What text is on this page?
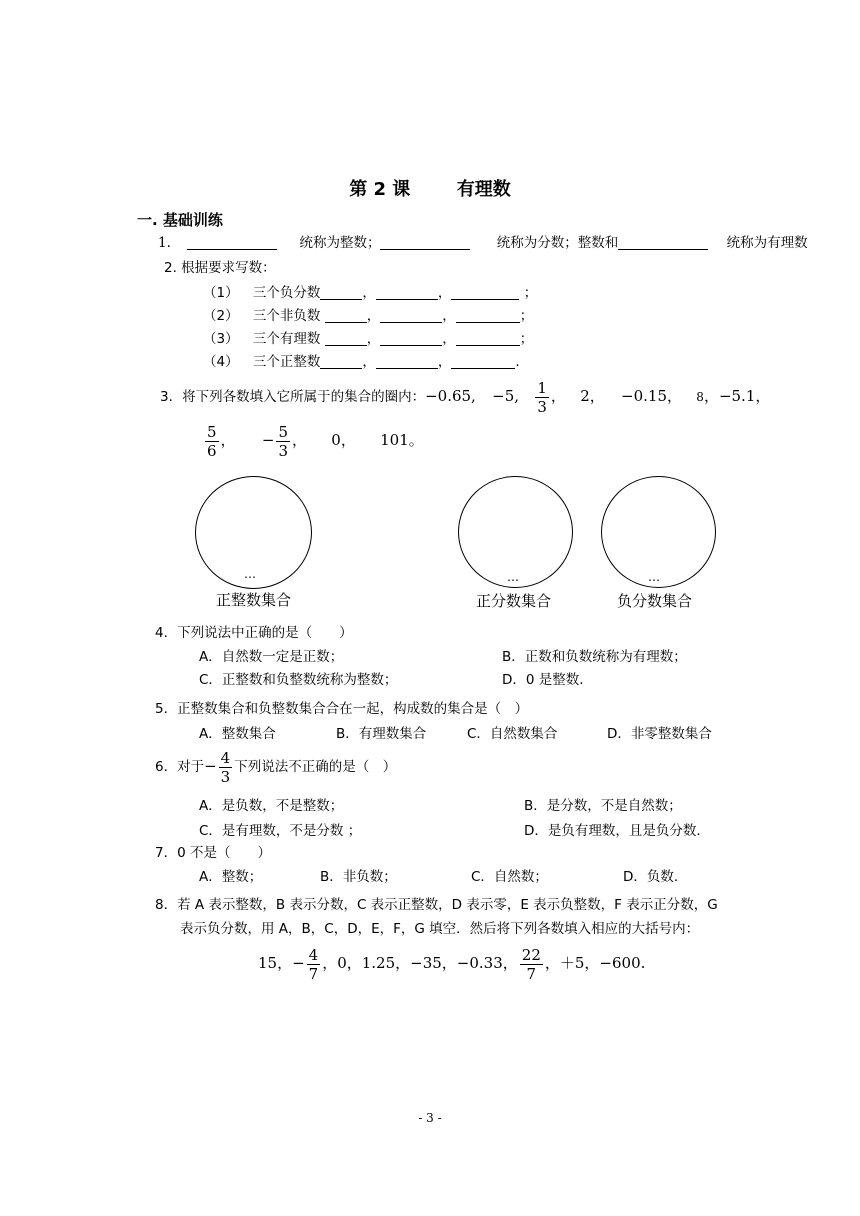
第 2 课	有理数
一. 基础训练
1.	统称为整数；	统称为分数；整数和	统称为有理数
2. 根据要求写数：
（1） 三个负分数	，	，	；
（2） 三个非负数	，	，	；
（3） 三个有理数	，	，	；
（4） 三个正整数	，	，	.
3．将下列各数填入它所属于的集合的圈内：−0.65, −5, $\frac{1}{3}$ ， 2， −0.15， 8，−5.1，
$\frac{5}{6}$ ， − $\frac{5}{3}$ ， 0， 101。
…
正整数集合
…
正分数集合
…
负分数集合
4．下列说法中正确的是（　　）
A．自然数一定是正数；	B．正数和负数统称为有理数；
C．正整数和负整数统称为整数；	D．0 是整数.
5．正整数集合和负整数集合合在一起，构成数的集合是（　）
A．整数集合	B．有理数集合	C．自然数集合	D．非零整数集合
6．对于− $\frac{4}{3}$ 下列说法不正确的是（　）
A．是负数，不是整数；	B．是分数，不是自然数；
C．是有理数，不是分数 ；	D．是负有理数，且是负分数.
7．0 不是（　　）
A．整数；	B．非负数；	C．自然数；	D．负数.
8．若 A 表示整数，B 表示分数，C 表示正整数，D 表示零，E 表示负整数，F 表示正分数，G
表示负分数，用 A，B，C，D，E，F，G 填空．然后将下列各数填入相应的大括号内：
15，− $\frac{4}{7}$ ，0，1.25，−35，−0.33， $\frac{22}{7}$ ，＋5，−600.
- 3 -
